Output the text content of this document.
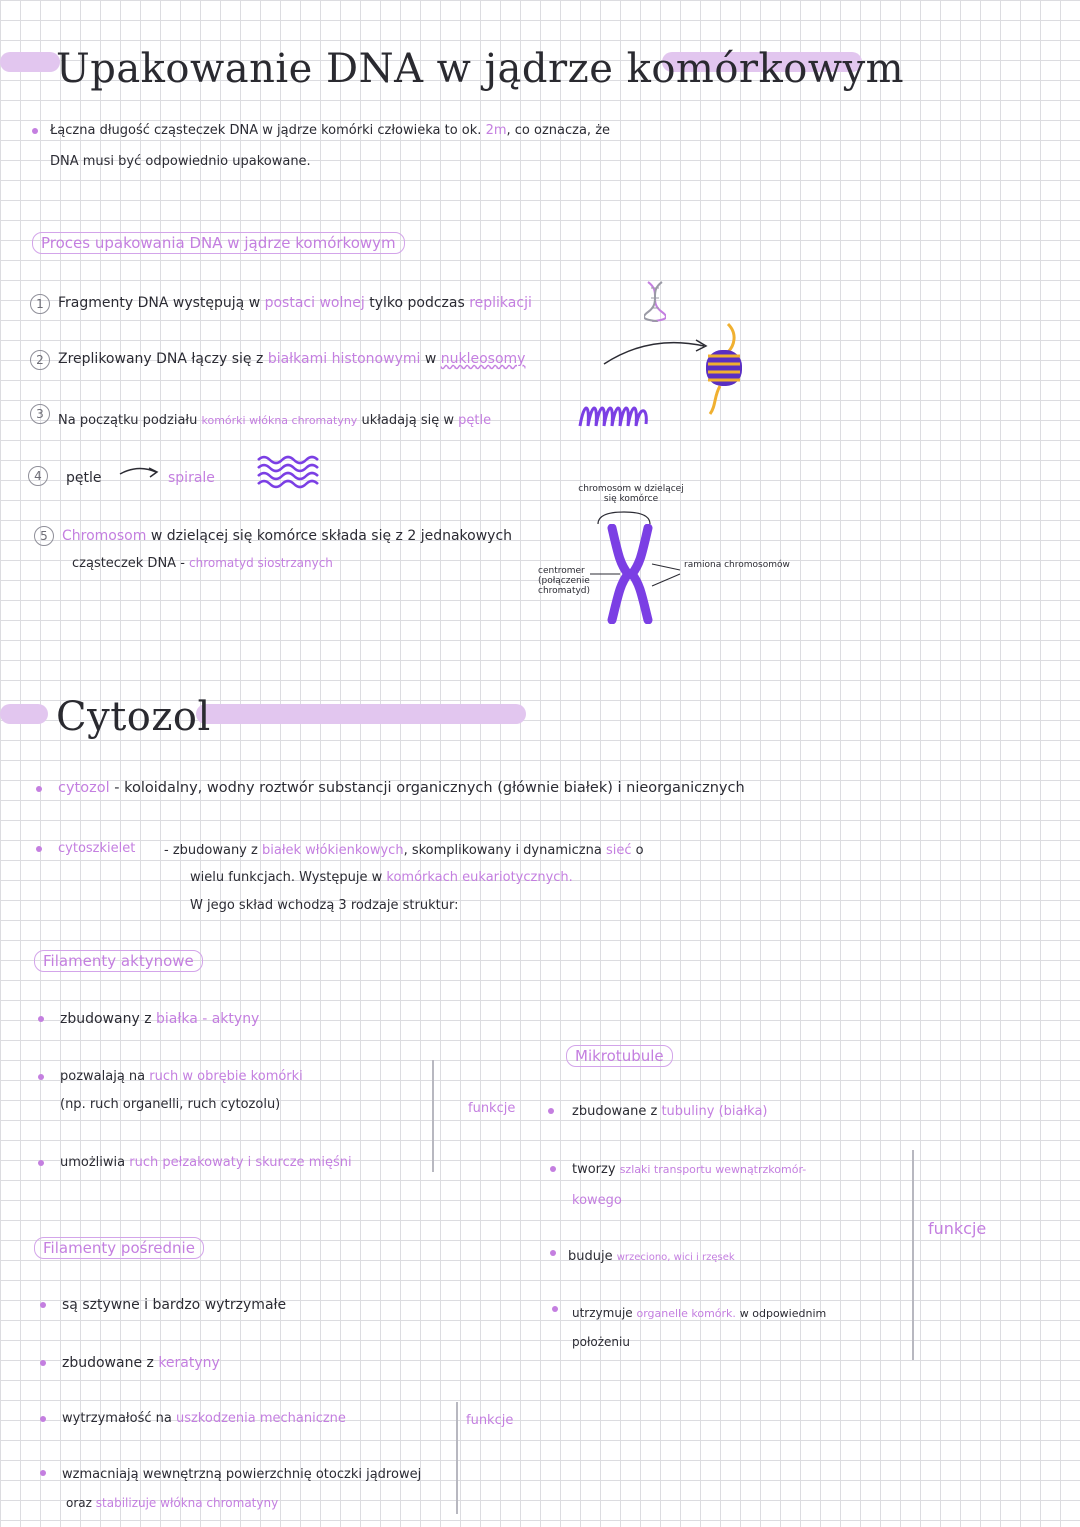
Upakowanie DNA w jądrze komórkowym
Łączna długość cząsteczek DNA w jądrze komórki człowieka to ok. 2m, co oznacza, że
DNA musi być odpowiednio upakowane.
Proces upakowania DNA w jądrze komórkowym
1	Fragmenty DNA występują w postaci wolnej tylko podczas replikacji
2	Zreplikowany DNA łączy się z białkami histonowymi w nukleosomy
3	Na początku podziału komórki włókna chromatyny układają się w pętle
4	pętle	spirale
5	Chromosom w dzielącej się komórce składa się z 2 jednakowych
cząsteczek DNA - chromatyd siostrzanych
chromosom w dzielącej
się komórce
centromer
(połączenie
chromatyd)
ramiona chromosomów
Cytozol
cytozol - koloidalny, wodny roztwór substancji organicznych (głównie białek) i nieorganicznych
cytoszkielet - zbudowany z białek włókienkowych, skomplikowany i dynamiczna sieć o
wielu funkcjach. Występuje w komórkach eukariotycznych.
W jego skład wchodzą 3 rodzaje struktur:
Filamenty aktynowe
zbudowany z białka - aktyny
pozwalają na ruch w obrębie komórki
(np. ruch organelli, ruch cytozolu)
umożliwia ruch pełzakowaty i skurcze mięśni
funkcje
Filamenty pośrednie
są sztywne i bardzo wytrzymałe
zbudowane z keratyny
wytrzymałość na uszkodzenia mechaniczne
wzmacniają wewnętrzną powierzchnię otoczki jądrowej
oraz stabilizuje włókna chromatyny
funkcje
Mikrotubule
zbudowane z tubuliny (białka)
tworzy szlaki transportu wewnątrzkomór-
kowego
buduje wrzeciono, wici i rzęsek
utrzymuje organelle komórk. w odpowiednim
położeniu
funkcje
